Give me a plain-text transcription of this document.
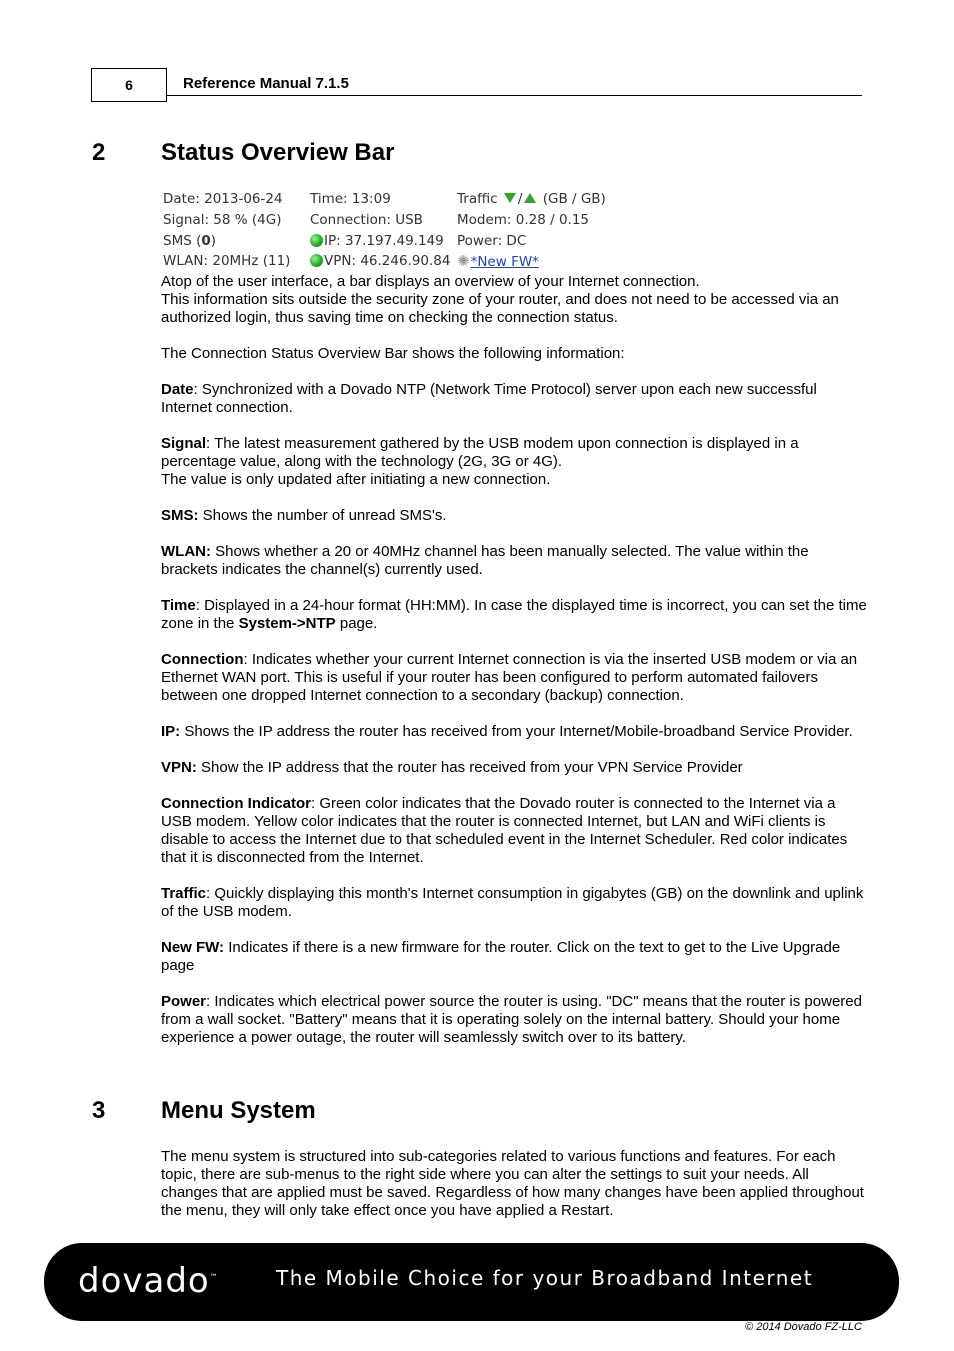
6	Reference Manual 7.1.5
2 Status Overview Bar
Date: 2013-06-24	Time: 13:09	Traffic / (GB / GB)
Signal: 58 % (4G)	Connection: USB	Modem: 0.28 / 0.15
SMS (0)	IP: 37.197.49.149	Power: DC
WLAN: 20MHz (11)	VPN: 46.246.90.84	✺*New FW*

Atop of the user interface, a bar displays an overview of your Internet connection.

This information sits outside the security zone of your router, and does not need to be accessed via an authorized login, thus saving time on checking the connection status.

The Connection Status Overview Bar shows the following information:

Date: Synchronized with a Dovado NTP (Network Time Protocol) server upon each new successful Internet connection.

Signal: The latest measurement gathered by the USB modem upon connection is displayed in a percentage value, along with the technology (2G, 3G or 4G).
The value is only updated after initiating a new connection.

SMS: Shows the number of unread SMS's.

WLAN: Shows whether a 20 or 40MHz channel has been manually selected. The value within the brackets indicates the channel(s) currently used.

Time: Displayed in a 24-hour format (HH:MM). In case the displayed time is incorrect, you can set the time zone in the System->NTP page.

Connection: Indicates whether your current Internet connection is via the inserted USB modem or via an Ethernet WAN port. This is useful if your router has been configured to perform automated failovers between one dropped Internet connection to a secondary (backup) connection.

IP: Shows the IP address the router has received from your Internet/Mobile-broadband Service Provider.

VPN: Show the IP address that the router has received from your VPN Service Provider

Connection Indicator: Green color indicates that the Dovado router is connected to the Internet via a USB modem. Yellow color indicates that the router is connected Internet, but LAN and WiFi clients is disable to access the Internet due to that scheduled event in the Internet Scheduler. Red color indicates that it is disconnected from the Internet.

Traffic: Quickly displaying this month's Internet consumption in gigabytes (GB) on the downlink and uplink of the USB modem.

New FW: Indicates if there is a new firmware for the router. Click on the text to get to the Live Upgrade page

Power: Indicates which electrical power source the router is using. "DC" means that the router is powered from a wall socket. "Battery" means that it is operating solely on the internal battery. Should your home experience a power outage, the router will seamlessly switch over to its battery.

3 Menu System

The menu system is structured into sub-categories related to various functions and features. For each topic, there are sub-menus to the right side where you can alter the settings to suit your needs. All changes that are applied must be saved. Regardless of how many changes have been applied throughout the menu, they will only take effect once you have applied a Restart.

dovado™	The Mobile Choice for your Broadband Internet
© 2014 Dovado FZ-LLC
